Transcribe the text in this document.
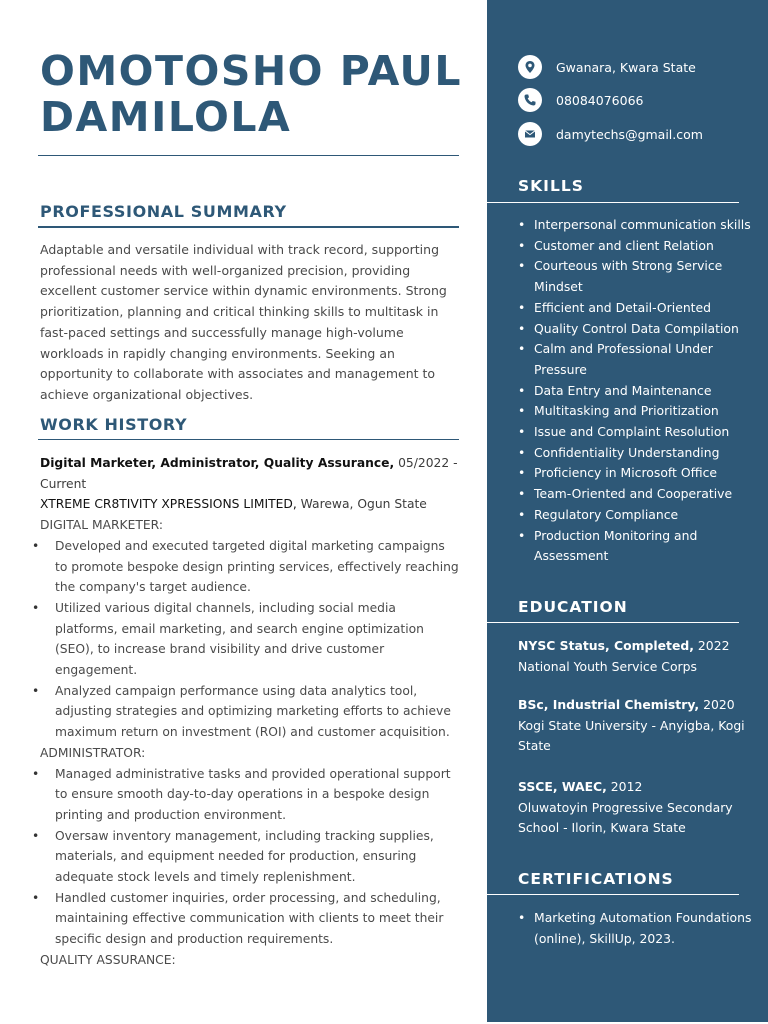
OMOTOSHO PAUL
DAMILOLA
PROFESSIONAL SUMMARY

Adaptable and versatile individual with track record, supporting professional needs with well-organized precision, providing excellent customer service within dynamic environments. Strong prioritization, planning and critical thinking skills to multitask in fast-paced settings and successfully manage high-volume workloads in rapidly changing environments. Seeking an opportunity to collaborate with associates and management to achieve organizational objectives.

WORK HISTORY
Digital Marketer, Administrator, Quality Assurance, 05/2022 - Current
XTREME CR8TIVITY XPRESSIONS LIMITED, Warewa, Ogun State
DIGITAL MARKETER:
• Developed and executed targeted digital marketing campaigns to promote bespoke design printing services, effectively reaching the company's target audience.
• Utilized various digital channels, including social media platforms, email marketing, and search engine optimization (SEO), to increase brand visibility and drive customer engagement.
• Analyzed campaign performance using data analytics tool, adjusting strategies and optimizing marketing efforts to achieve maximum return on investment (ROI) and customer acquisition.
ADMINISTRATOR:
• Managed administrative tasks and provided operational support to ensure smooth day-to-day operations in a bespoke design printing and production environment.
• Oversaw inventory management, including tracking supplies, materials, and equipment needed for production, ensuring adequate stock levels and timely replenishment.
• Handled customer inquiries, order processing, and scheduling, maintaining effective communication with clients to meet their specific design and production requirements.
QUALITY ASSURANCE:
Gwanara, Kwara State
08084076066
damytechs@gmail.com
SKILLS
• Interpersonal communication skills
• Customer and client Relation
• Courteous with Strong Service Mindset
• Efficient and Detail-Oriented
• Quality Control Data Compilation
• Calm and Professional Under Pressure
• Data Entry and Maintenance
• Multitasking and Prioritization
• Issue and Complaint Resolution
• Confidentiality Understanding
• Proficiency in Microsoft Office
• Team-Oriented and Cooperative
• Regulatory Compliance
• Production Monitoring and Assessment
EDUCATION
NYSC Status, Completed, 2022
National Youth Service Corps
BSc, Industrial Chemistry, 2020
Kogi State University - Anyigba, Kogi State
SSCE, WAEC, 2012
Oluwatoyin Progressive Secondary School - Ilorin, Kwara State
CERTIFICATIONS
• Marketing Automation Foundations (online), SkillUp, 2023.
